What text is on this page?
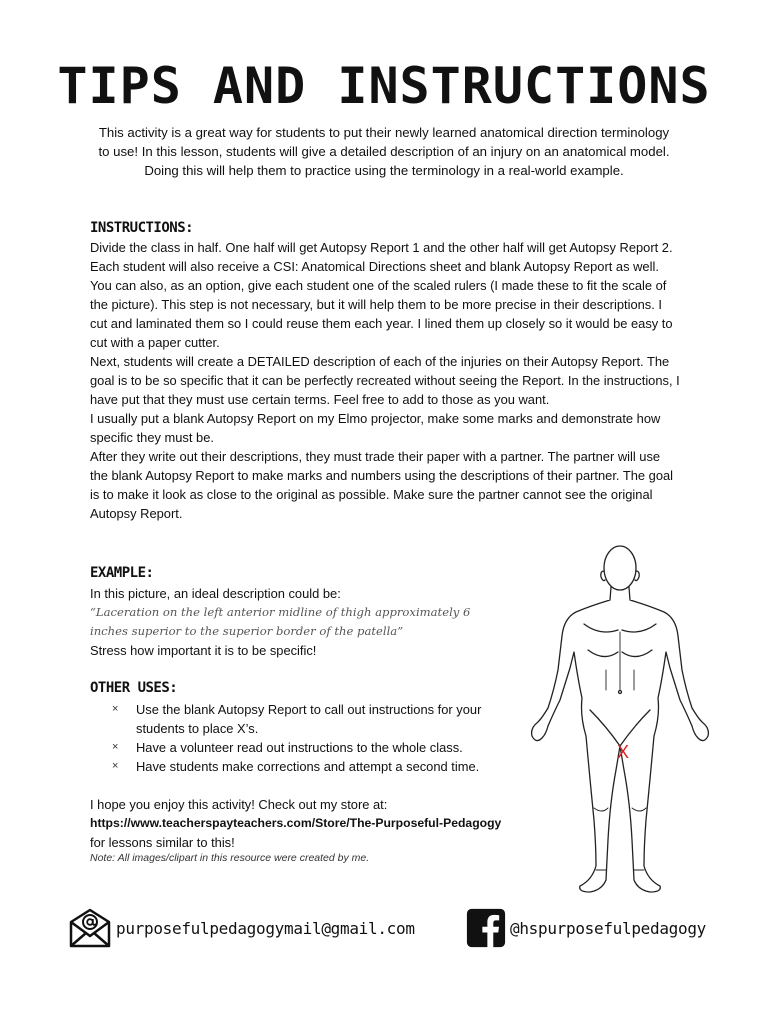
TIPS AND INSTRUCTIONS

This activity is a great way for students to put their newly learned anatomical direction terminology to use! In this lesson, students will give a detailed description of an injury on an anatomical model. Doing this will help them to practice using the terminology in a real-world example.

INSTRUCTIONS:

Divide the class in half. One half will get Autopsy Report 1 and the other half will get Autopsy Report 2. Each student will also receive a CSI: Anatomical Directions sheet and blank Autopsy Report as well. You can also, as an option, give each student one of the scaled rulers (I made these to fit the scale of the picture). This step is not necessary, but it will help them to be more precise in their descriptions. I cut and laminated them so I could reuse them each year. I lined them up closely so it would be easy to cut with a paper cutter.

Next, students will create a DETAILED description of each of the injuries on their Autopsy Report. The goal is to be so specific that it can be perfectly recreated without seeing the Report. In the instructions, I have put that they must use certain terms. Feel free to add to those as you want.

I usually put a blank Autopsy Report on my Elmo projector, make some marks and demonstrate how specific they must be.

After they write out their descriptions, they must trade their paper with a partner. The partner will use the blank Autopsy Report to make marks and numbers using the descriptions of their partner. The goal is to make it look as close to the original as possible. Make sure the partner cannot see the original Autopsy Report.

EXAMPLE:

In this picture, an ideal description could be:

“Laceration on the left anterior midline of thigh approximately 6 inches superior to the superior border of the patella”

Stress how important it is to be specific!

OTHER USES:
× Use the blank Autopsy Report to call out instructions for your students to place X’s.
× Have a volunteer read out instructions to the whole class.
× Have students make corrections and attempt a second time.

I hope you enjoy this activity! Check out my store at:

https://www.teacherspayteachers.com/Store/The-Purposeful-Pedagogy

for lessons similar to this!

Note: All images/clipart in this resource were created by me.
X
purposefulpedagogymail@gmail.com	@hspurposefulpedagogy
